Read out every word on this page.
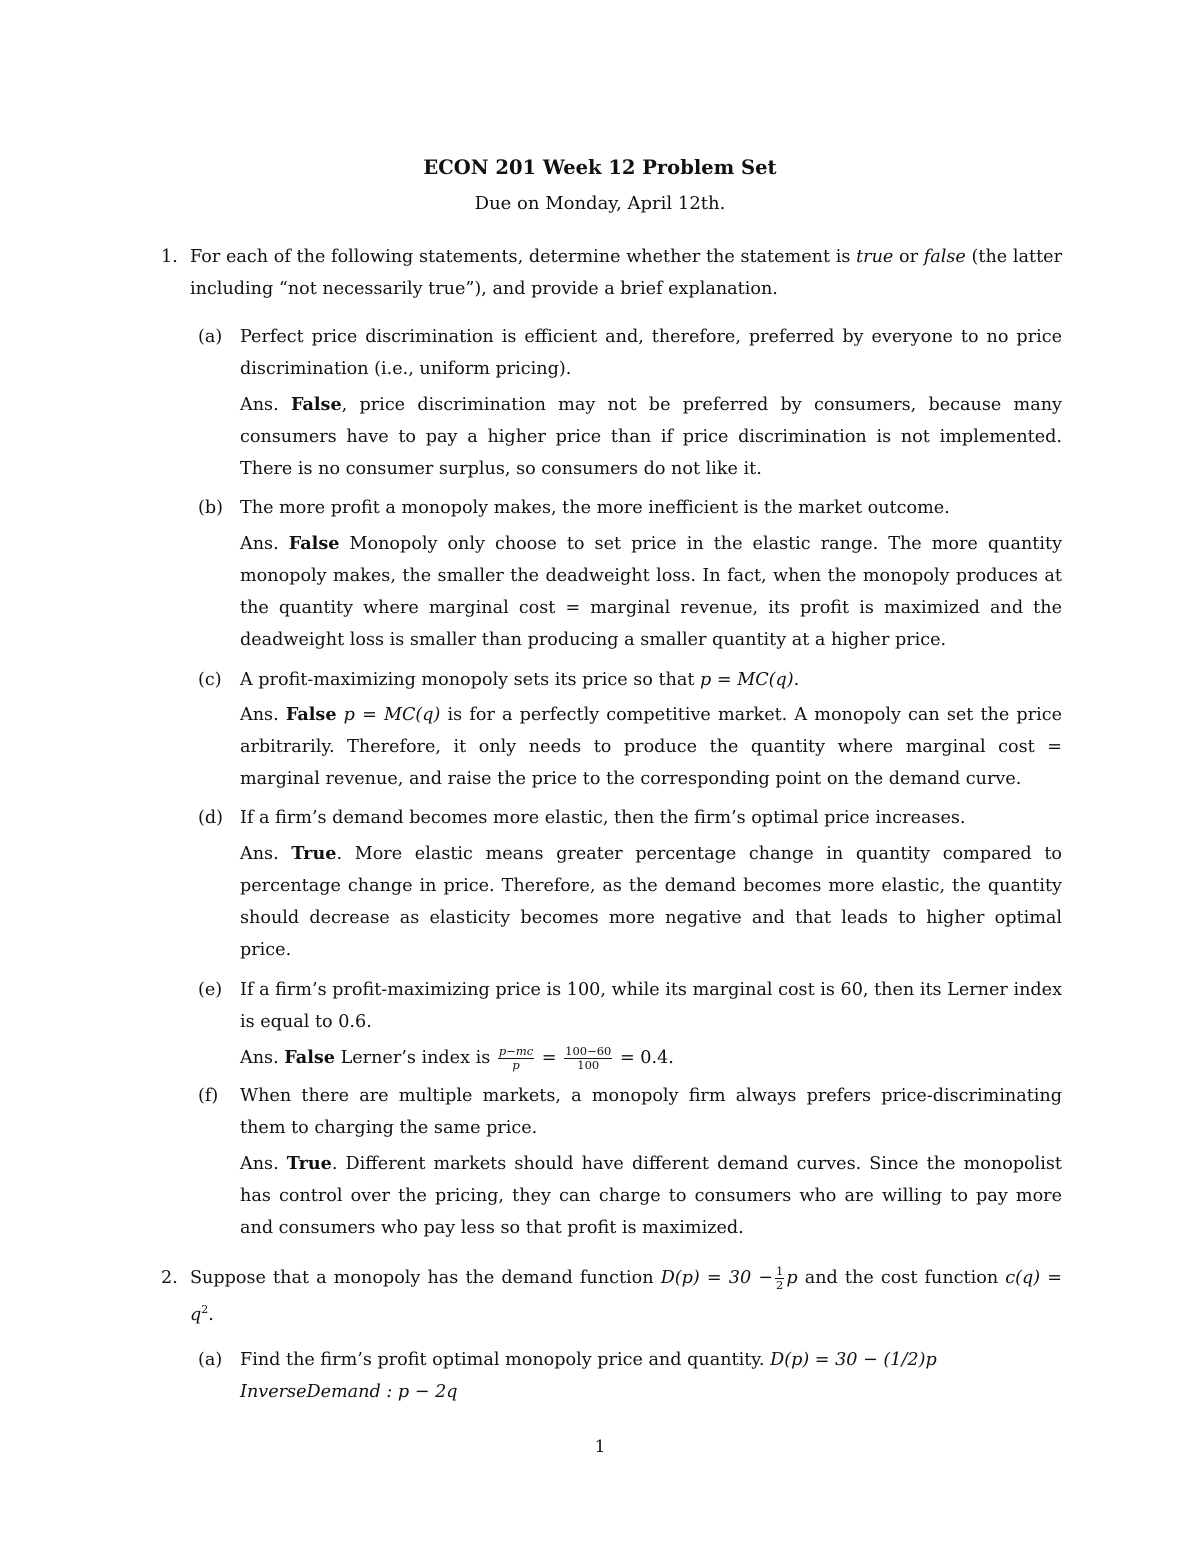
ECON 201 Week 12 Problem Set
Due on Monday, April 12th.
1. For each of the following statements, determine whether the statement is true or false (the latter including “not necessarily true”), and provide a brief explanation.
(a) Perfect price discrimination is efficient and, therefore, preferred by everyone to no price discrimination (i.e., uniform pricing).
Ans. False, price discrimination may not be preferred by consumers, because many consumers have to pay a higher price than if price discrimination is not implemented. There is no consumer surplus, so consumers do not like it.
(b) The more profit a monopoly makes, the more inefficient is the market outcome.
Ans. False Monopoly only choose to set price in the elastic range. The more quantity monopoly makes, the smaller the deadweight loss. In fact, when the monopoly produces at the quantity where marginal cost = marginal revenue, its profit is maximized and the deadweight loss is smaller than producing a smaller quantity at a higher price.
(c) A profit-maximizing monopoly sets its price so that p = MC(q).
Ans. False p = MC(q) is for a perfectly competitive market. A monopoly can set the price arbitrarily. Therefore, it only needs to produce the quantity where marginal cost = marginal revenue, and raise the price to the corresponding point on the demand curve.
(d) If a firm’s demand becomes more elastic, then the firm’s optimal price increases.
Ans. True. More elastic means greater percentage change in quantity compared to percentage change in price. Therefore, as the demand becomes more elastic, the quantity should decrease as elasticity becomes more negative and that leads to higher optimal price.
(e) If a firm’s profit-maximizing price is 100, while its marginal cost is 60, then its Lerner index is equal to 0.6.
Ans. False Lerner’s index is $\frac{p-mc}{p} = \frac{100-60}{100} = 0.4$.
(f) When there are multiple markets, a monopoly firm always prefers price-discriminating them to charging the same price.
Ans. True. Different markets should have different demand curves. Since the monopolist has control over the pricing, they can charge to consumers who are willing to pay more and consumers who pay less so that profit is maximized.
2. Suppose that a monopoly has the demand function $D(p) = 30 - \frac{1}{2}$ p and the cost function $c(q) = q^2$.
(a) Find the firm’s profit optimal monopoly price and quantity. D(p) = 30 − (1/2)p
InverseDemand : p − 2q
1
